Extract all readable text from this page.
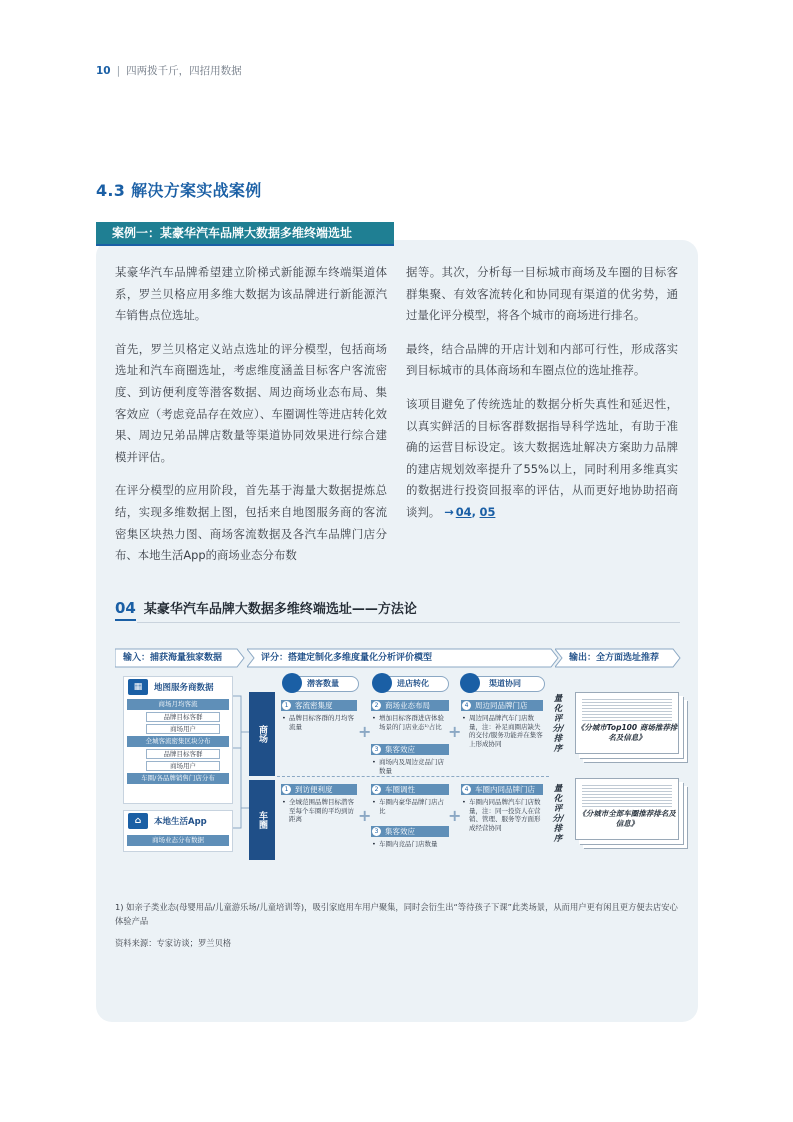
10 | 四两拨千斤，四招用数据
4.3 解决方案实战案例
案例一：某豪华汽车品牌大数据多维终端选址

某豪华汽车品牌希望建立阶梯式新能源车终端渠道体系，罗兰贝格应用多维大数据为该品牌进行新能源汽车销售点位选址。

首先，罗兰贝格定义站点选址的评分模型，包括商场选址和汽车商圈选址，考虑维度涵盖目标客户客流密度、到访便利度等潜客数据、周边商场业态布局、集客效应（考虑竞品存在效应）、车圈调性等进店转化效果、周边兄弟品牌店数量等渠道协同效果进行综合建模并评估。

在评分模型的应用阶段，首先基于海量大数据提炼总结，实现多维数据上图，包括来自地图服务商的客流密集区块热力图、商场客流数据及各汽车品牌门店分布、本地生活App的商场业态分布数

据等。其次，分析每一目标城市商场及车圈的目标客群集聚、有效客流转化和协同现有渠道的优劣势，通过量化评分模型，将各个城市的商场进行排名。

最终，结合品牌的开店计划和内部可行性，形成落实到目标城市的具体商场和车圈点位的选址推荐。

该项目避免了传统选址的数据分析失真性和延迟性，以真实鲜活的目标客群数据指导科学选址，有助于准确的运营目标设定。该大数据选址解决方案助力品牌的建店规划效率提升了55%以上，同时利用多维真实的数据进行投资回报率的评估，从而更好地协助招商谈判。 → 04, 05

04 某豪华汽车品牌大数据多维终端选址——方法论
输入：捕获海量独家数据	评分：搭建定制化多维度量化分析评价模型	输出：全方面选址推荐
▦	地图服务商数据
商场月均客流
品牌目标客群
商场用户
全城客流密集区块分布
品牌目标客群
商场用户
车圈/各品牌销售门店分布
⌂	本地生活App
商场业态分布数据
商场
车圈
潜客数量	进店转化	渠道协同
1 客流密集度
• 品牌目标客群的月均客流量
2 商场业态布局
• 增加目标客群进店体验场景的门店业态¹⁾占比
3 集客效应
• 商场内及周边竞品门店数量
4 周边同品牌门店
• 周边同品牌汽车门店数量，注：补足商圈店缺失的交付/服务功能并在集客上形成协同
1 到访便利度
• 全城范围品牌目标潜客至每个车圈的平均到访距离
2 车圈调性
• 车圈内豪华品牌门店占比
3 集客效应
• 车圈内竞品门店数量
4 车圈内同品牌门店
• 车圈内同品牌汽车门店数量，注：同一投资人在营销、管理、服务等方面形成经营协同
+	+
+	+
量化评分/排序
量化评分/排序
《分城市Top100 商场推荐排名及信息》
《分城市全部车圈推荐排名及信息》
1) 如亲子类业态(母婴用品/儿童游乐场/儿童培训等)，吸引家庭用车用户聚集，同时会衍生出“等待孩子下课”此类场景，从而用户更有闲且更方便去店安心体验产品
资料来源：专家访谈；罗兰贝格
